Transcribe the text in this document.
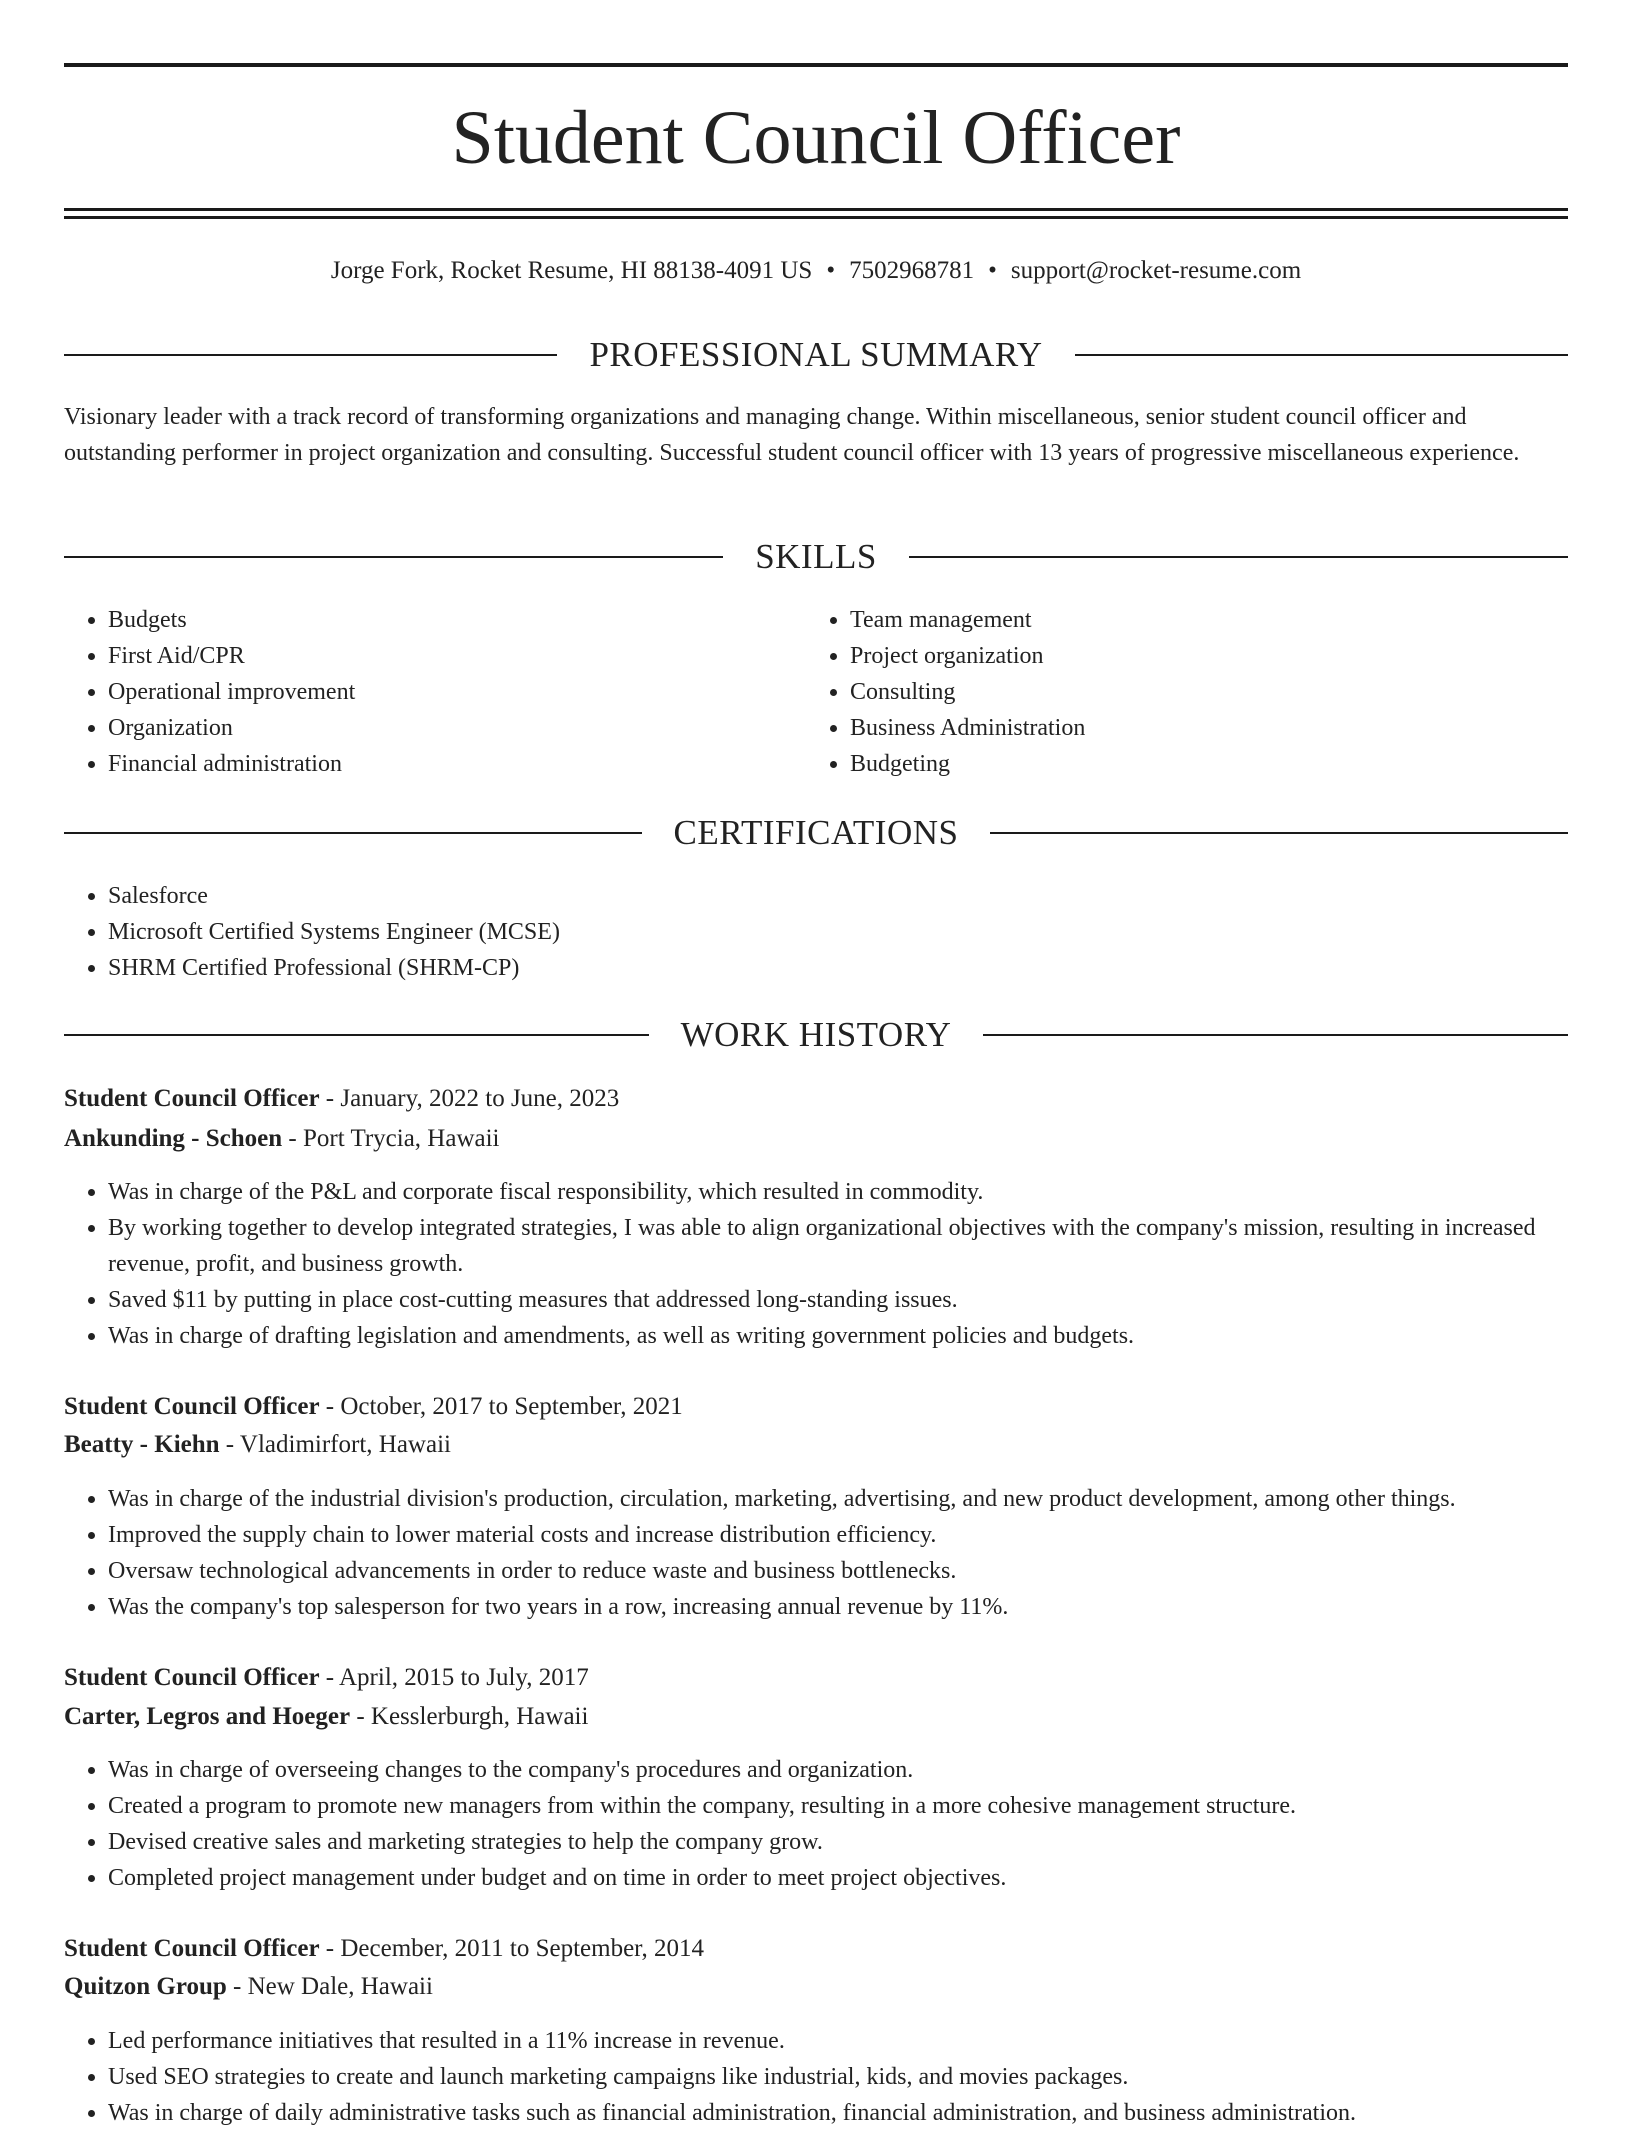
Student Council Officer
Jorge Fork, Rocket Resume, HI 88138-4091 US • 7502968781 • support@rocket-resume.com
PROFESSIONAL SUMMARY

Visionary leader with a track record of transforming organizations and managing change. Within miscellaneous, senior student council officer and outstanding performer in project organization and consulting. Successful student council officer with 13 years of progressive miscellaneous experience.

SKILLS
• Budgets
• First Aid/CPR
• Operational improvement
• Organization
• Financial administration
• Team management
• Project organization
• Consulting
• Business Administration
• Budgeting
CERTIFICATIONS
• Salesforce
• Microsoft Certified Systems Engineer (MCSE)
• SHRM Certified Professional (SHRM-CP)
WORK HISTORY
Student Council Officer - January, 2022 to June, 2023
Ankunding - Schoen - Port Trycia, Hawaii
• Was in charge of the P&L and corporate fiscal responsibility, which resulted in commodity.
• By working together to develop integrated strategies, I was able to align organizational objectives with the company's mission, resulting in increased revenue, profit, and business growth.
• Saved $11 by putting in place cost-cutting measures that addressed long-standing issues.
• Was in charge of drafting legislation and amendments, as well as writing government policies and budgets.
Student Council Officer - October, 2017 to September, 2021
Beatty - Kiehn - Vladimirfort, Hawaii
• Was in charge of the industrial division's production, circulation, marketing, advertising, and new product development, among other things.
• Improved the supply chain to lower material costs and increase distribution efficiency.
• Oversaw technological advancements in order to reduce waste and business bottlenecks.
• Was the company's top salesperson for two years in a row, increasing annual revenue by 11%.
Student Council Officer - April, 2015 to July, 2017
Carter, Legros and Hoeger - Kesslerburgh, Hawaii
• Was in charge of overseeing changes to the company's procedures and organization.
• Created a program to promote new managers from within the company, resulting in a more cohesive management structure.
• Devised creative sales and marketing strategies to help the company grow.
• Completed project management under budget and on time in order to meet project objectives.
Student Council Officer - December, 2011 to September, 2014
Quitzon Group - New Dale, Hawaii
• Led performance initiatives that resulted in a 11% increase in revenue.
• Used SEO strategies to create and launch marketing campaigns like industrial, kids, and movies packages.
• Was in charge of daily administrative tasks such as financial administration, financial administration, and business administration.
